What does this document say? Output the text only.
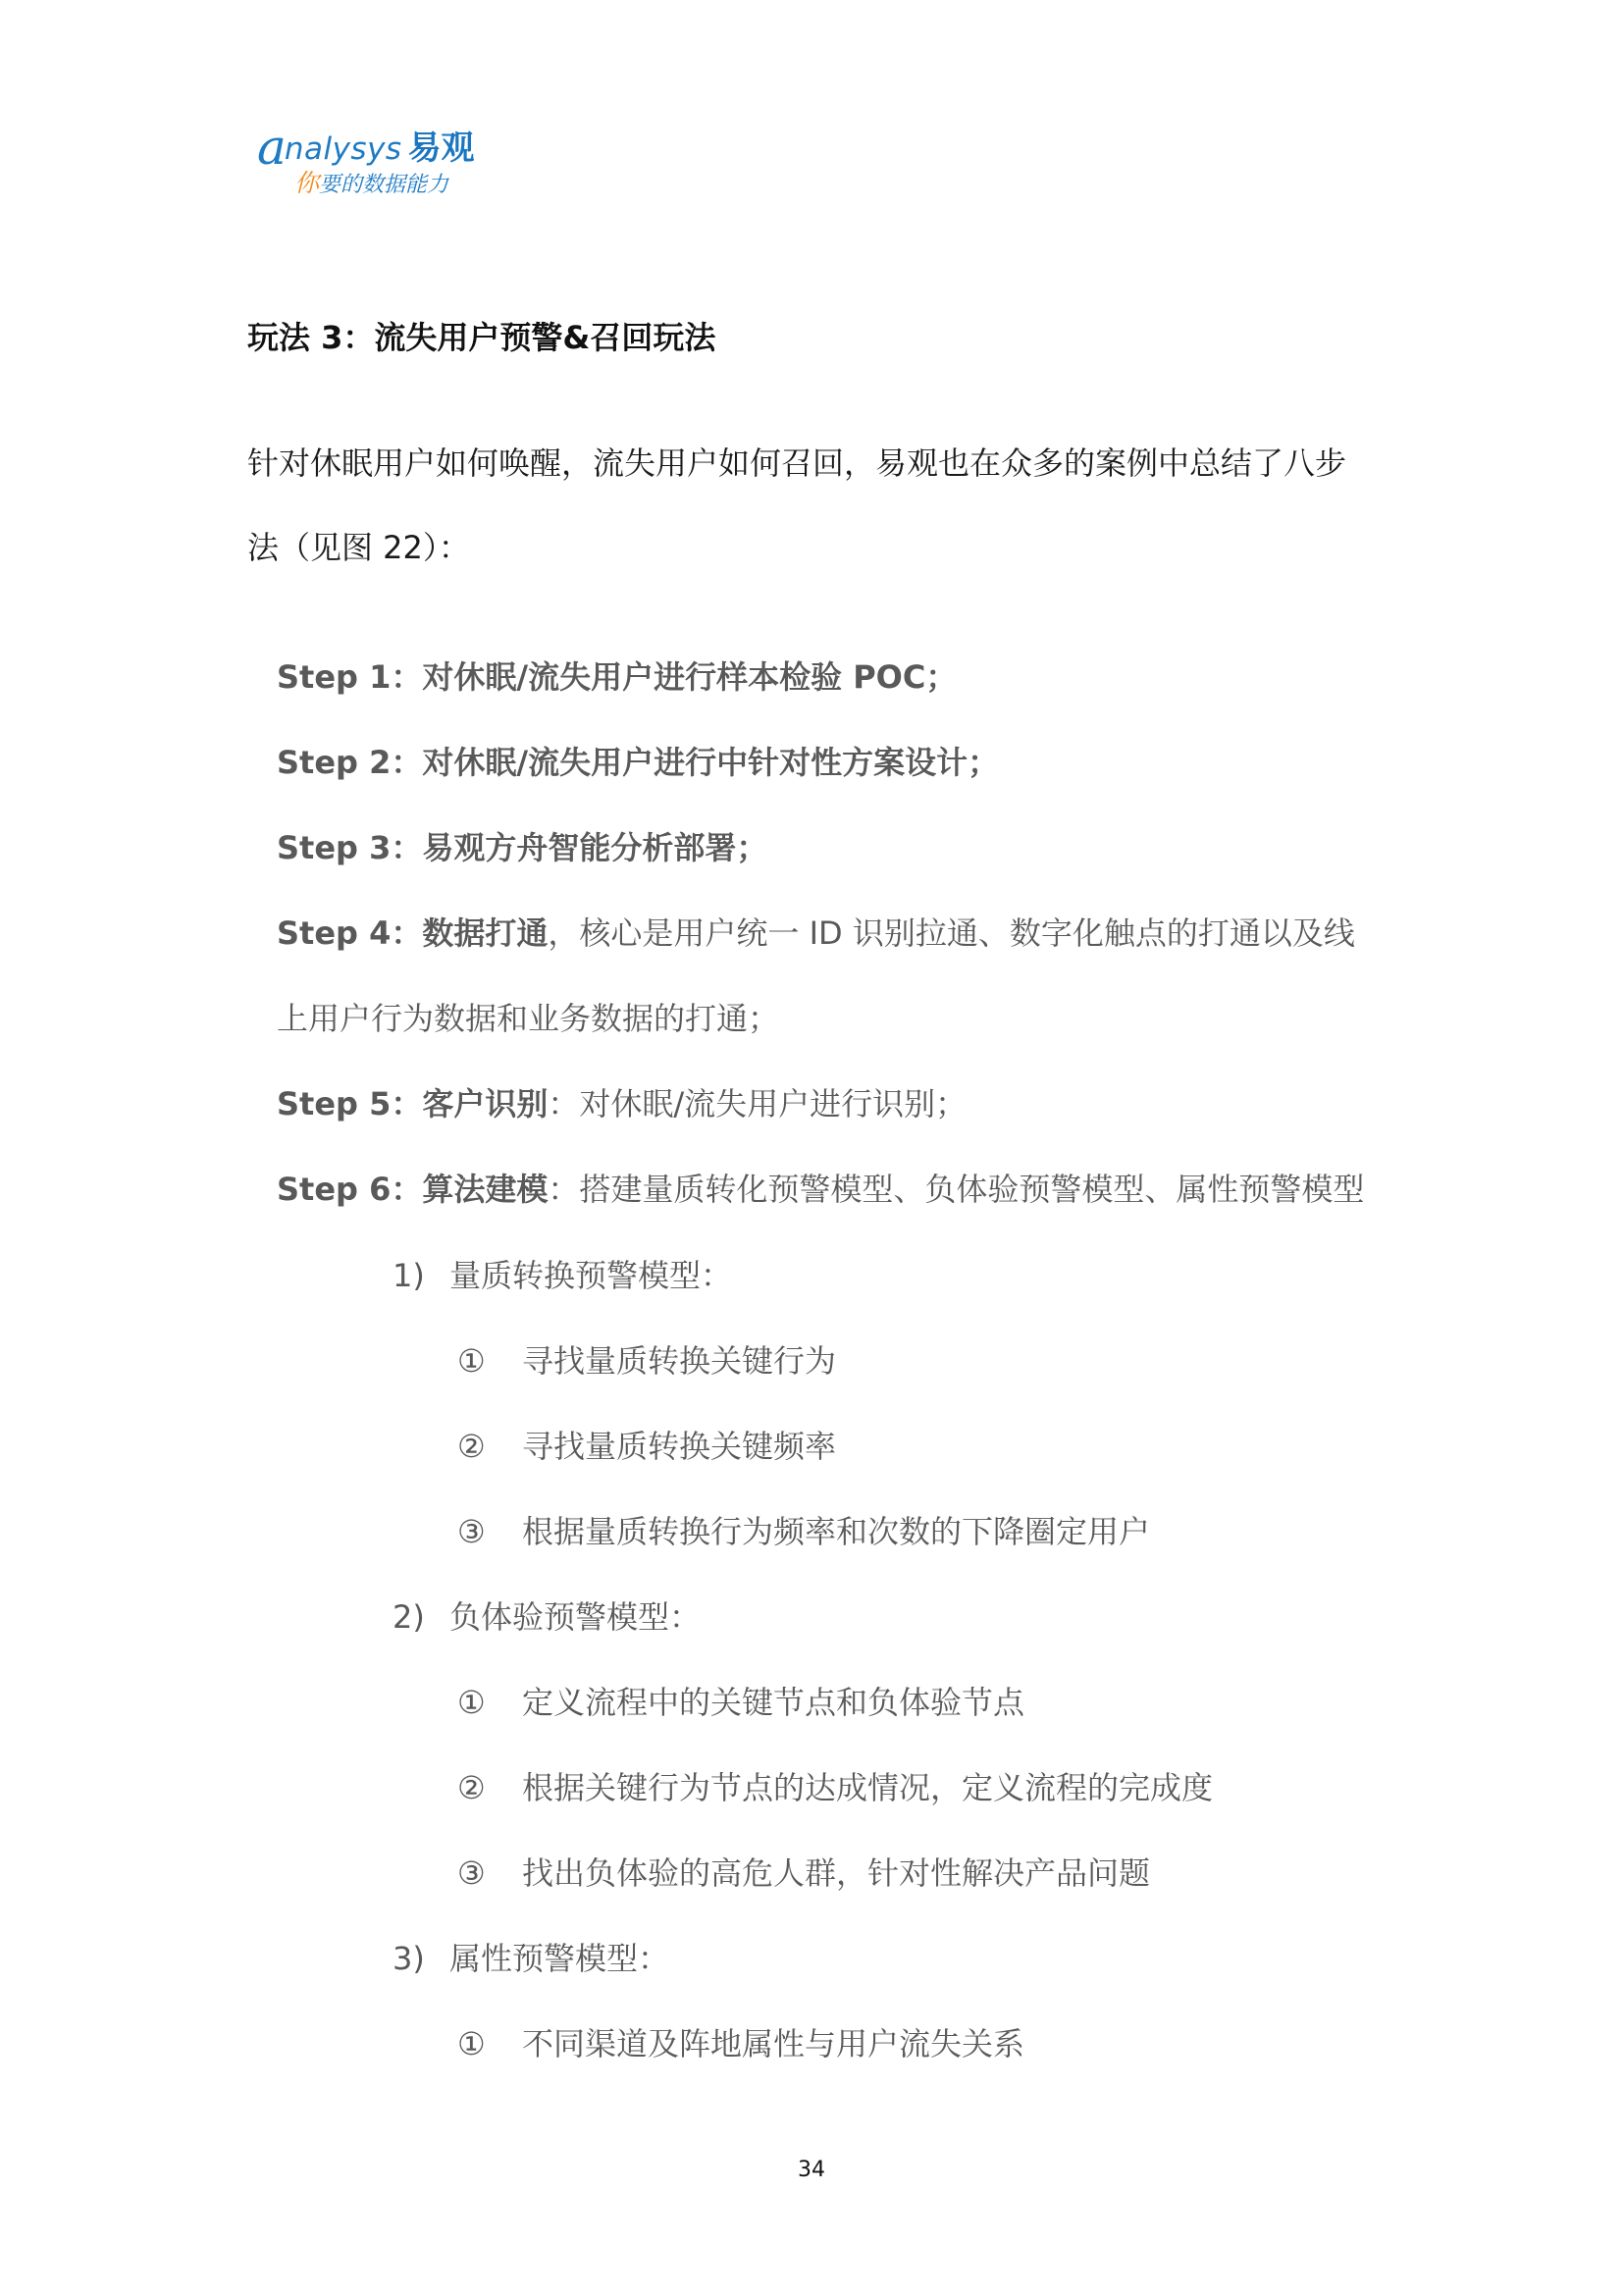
a
nalysys 易观
你要的数据能力
玩法 3：流失用户预警&召回玩法
针对休眠用户如何唤醒，流失用户如何召回，易观也在众多的案例中总结了八步
法（见图 22）：
Step 1：对休眠/流失用户进行样本检验 POC；
Step 2：对休眠/流失用户进行中针对性方案设计；
Step 3：易观方舟智能分析部署；
Step 4：数据打通，核心是用户统一 ID 识别拉通、数字化触点的打通以及线
上用户行为数据和业务数据的打通；
Step 5：客户识别：对休眠/流失用户进行识别；
Step 6：算法建模：搭建量质转化预警模型、负体验预警模型、属性预警模型
1) 量质转换预警模型：
① 寻找量质转换关键行为
② 寻找量质转换关键频率
③ 根据量质转换行为频率和次数的下降圈定用户
2) 负体验预警模型：
① 定义流程中的关键节点和负体验节点
② 根据关键行为节点的达成情况，定义流程的完成度
③ 找出负体验的高危人群，针对性解决产品问题
3) 属性预警模型：
① 不同渠道及阵地属性与用户流失关系
34
